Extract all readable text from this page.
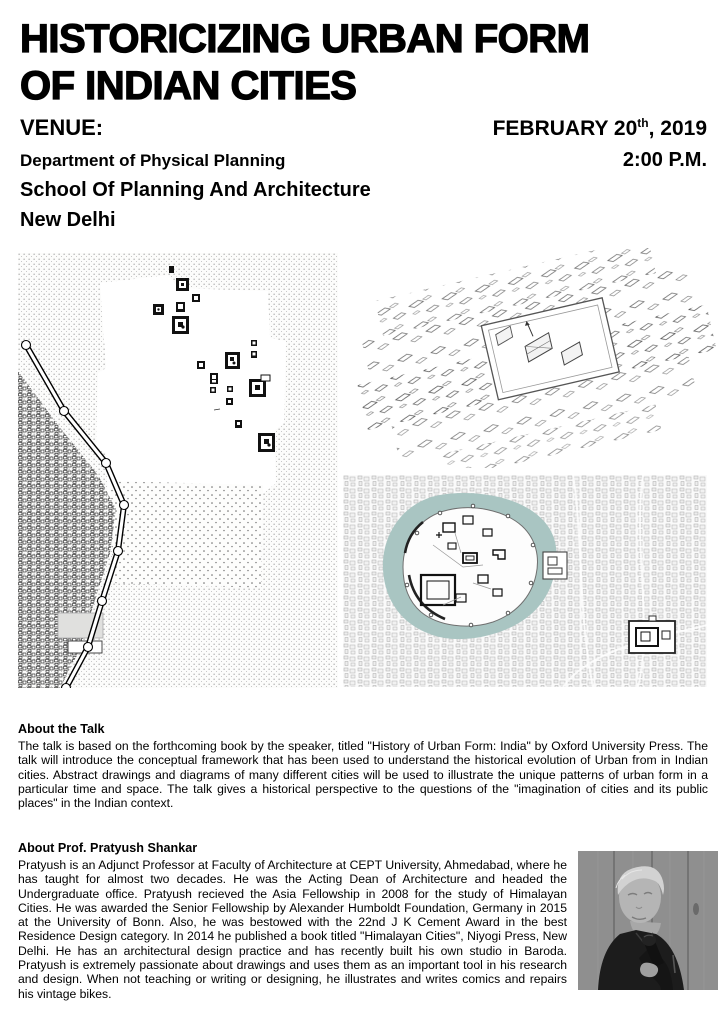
HISTORICIZING URBAN FORM
OF INDIAN CITIES
VENUE:	FEBRUARY 20th, 2019
Department of Physical Planning	2:00 P.M.
School Of Planning And Architecture
New Delhi
About the Talk

The talk is based on the forthcoming book by the speaker, titled "History of Urban Form: India" by Oxford University Press. The talk will introduce the conceptual framework that has been used to understand the historical evolution of Urban from in Indian cities. Abstract drawings and diagrams of many different cities will be used to illustrate the unique patterns of urban form in a particular time and space. The talk gives a historical perspective to the questions of the "imagination of cities and its public places" in the Indian context.

About Prof. Pratyush Shankar

Pratyush is an Adjunct Professor at Faculty of Architecture at CEPT University, Ahmedabad, where he has taught for almost two decades. He was the Acting Dean of Architecture and headed the Undergraduate office. Pratyush recieved the Asia Fellowship in 2008 for the study of Himalayan Cities. He was awarded the Senior Fellowship by Alexander Humboldt Foundation, Germany in 2015 at the University of Bonn. Also, he was bestowed with the 22nd J K Cement Award in the best Residence Design category. In 2014 he published a book titled "Himalayan Cities", Niyogi Press, New Delhi. He has an architectural design practice and has recently built his own studio in Baroda. Pratyush is extremely passionate about drawings and uses them as an important tool in his research and design. When not teaching or writing or designing, he illustrates and writes comics and repairs his vintage bikes.
